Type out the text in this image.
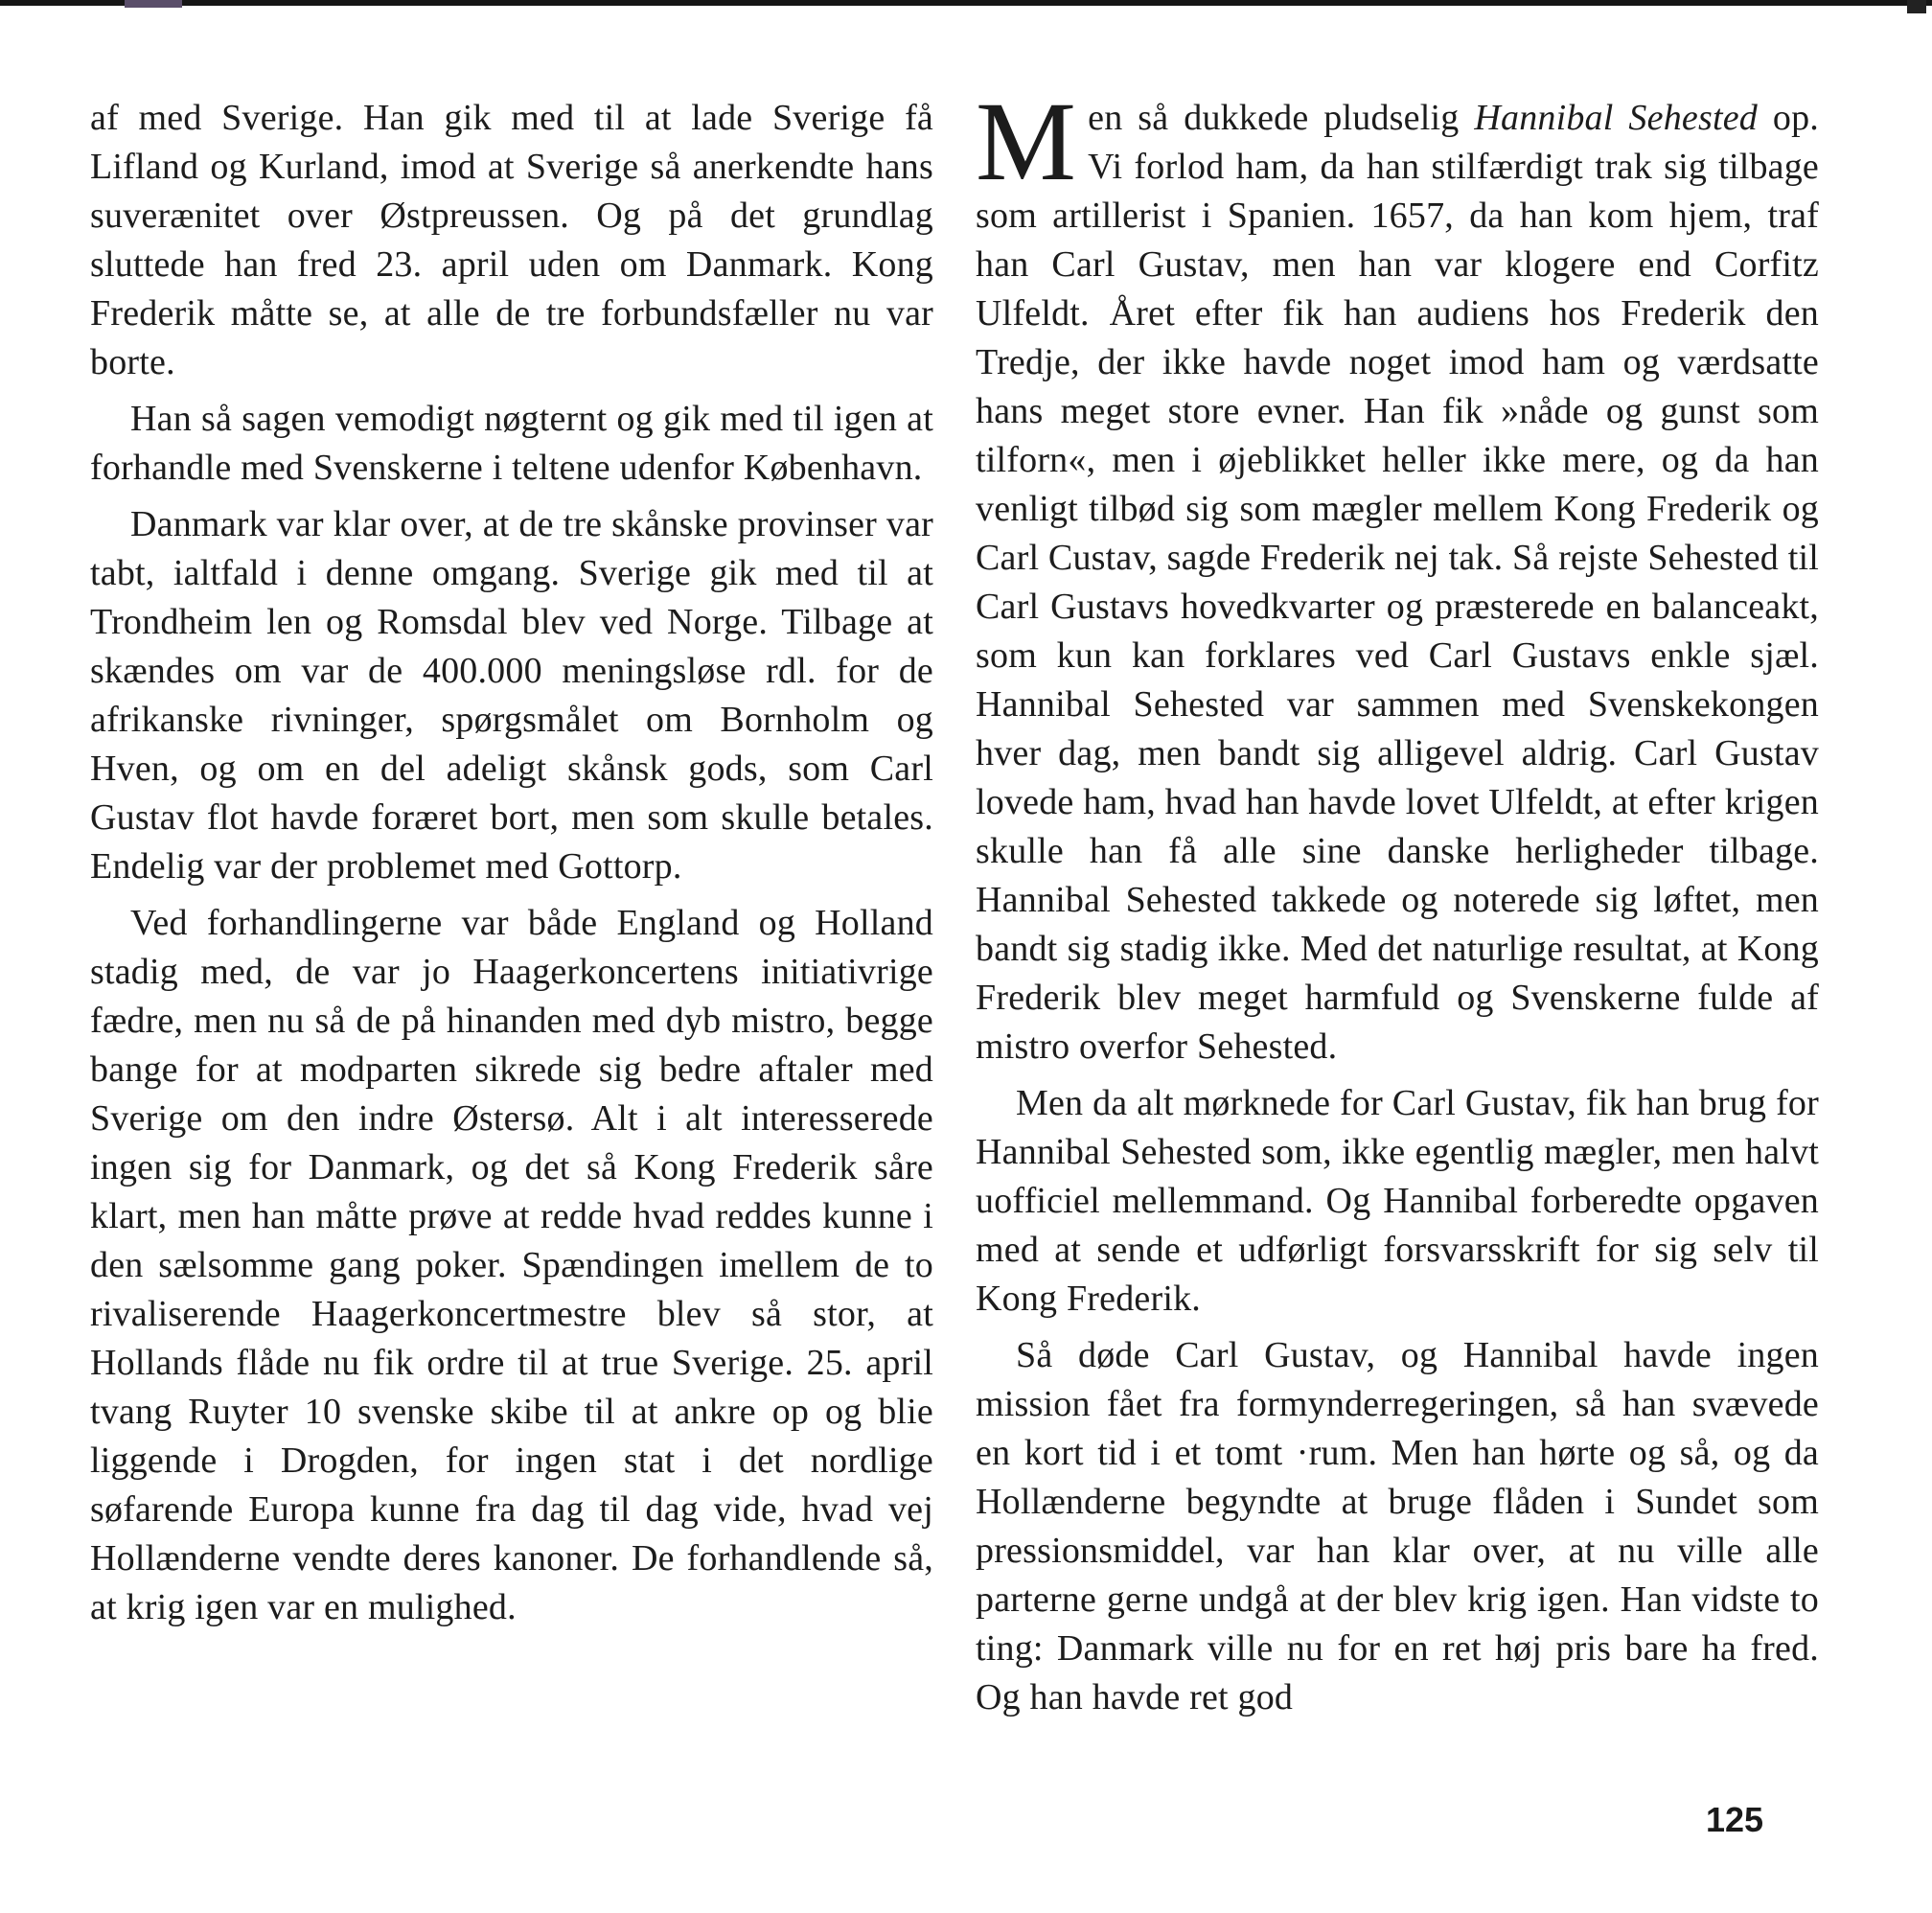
af med Sverige. Han gik med til at lade Sverige få Lifland og Kurland, imod at Sverige så anerkendte hans suverænitet over Østpreussen. Og på det grundlag sluttede han fred 23. april uden om Danmark. Kong Frederik måtte se, at alle de tre forbundsfæller nu var borte.

Han så sagen vemodigt nøgternt og gik med til igen at forhandle med Svenskerne i teltene udenfor København.

Danmark var klar over, at de tre skånske provinser var tabt, ialtfald i denne omgang. Sverige gik med til at Trondheim len og Romsdal blev ved Norge. Tilbage at skændes om var de 400.000 meningsløse rdl. for de afrikanske rivninger, spørgsmålet om Bornholm og Hven, og om en del adeligt skånsk gods, som Carl Gustav flot havde foræret bort, men som skulle betales. Endelig var der problemet med Gottorp.

Ved forhandlingerne var både England og Holland stadig med, de var jo Haagerkoncertens initiativrige fædre, men nu så de på hinanden med dyb mistro, begge bange for at modparten sikrede sig bedre aftaler med Sverige om den indre Østersø. Alt i alt interesserede ingen sig for Danmark, og det så Kong Frederik såre klart, men han måtte prøve at redde hvad reddes kunne i den sælsomme gang poker. Spændingen imellem de to rivaliserende Haagerkoncertmestre blev så stor, at Hollands flåde nu fik ordre til at true Sverige. 25. april tvang Ruyter 10 svenske skibe til at ankre op og blie liggende i Drogden, for ingen stat i det nordlige søfarende Europa kunne fra dag til dag vide, hvad vej Hollænderne vendte deres kanoner. De forhandlende så, at krig igen var en mulighed.

Men så dukkede pludselig Hannibal Sehested op. Vi forlod ham, da han stilfærdigt trak sig tilbage som artillerist i Spanien. 1657, da han kom hjem, traf han Carl Gustav, men han var klogere end Corfitz Ulfeldt. Året efter fik han audiens hos Frederik den Tredje, der ikke havde noget imod ham og værdsatte hans meget store evner. Han fik »nåde og gunst som tilforn«, men i øjeblikket heller ikke mere, og da han venligt tilbød sig som mægler mellem Kong Frederik og Carl Custav, sagde Frederik nej tak. Så rejste Sehested til Carl Gustavs hovedkvarter og præsterede en balanceakt, som kun kan forklares ved Carl Gustavs enkle sjæl. Hannibal Sehested var sammen med Svenskekongen hver dag, men bandt sig alligevel aldrig. Carl Gustav lovede ham, hvad han havde lovet Ulfeldt, at efter krigen skulle han få alle sine danske herligheder tilbage. Hannibal Sehested takkede og noterede sig løftet, men bandt sig stadig ikke. Med det naturlige resultat, at Kong Frederik blev meget harmfuld og Svenskerne fulde af mistro overfor Sehested.

Men da alt mørknede for Carl Gustav, fik han brug for Hannibal Sehested som, ikke egentlig mægler, men halvt uofficiel mellemmand. Og Hannibal forberedte opgaven med at sende et udførligt forsvarsskrift for sig selv til Kong Frederik.

Så døde Carl Gustav, og Hannibal havde ingen mission fået fra formynderregeringen, så han svævede en kort tid i et tomt ·rum. Men han hørte og så, og da Hollænderne begyndte at bruge flåden i Sundet som pressionsmiddel, var han klar over, at nu ville alle parterne gerne undgå at der blev krig igen. Han vidste to ting: Danmark ville nu for en ret høj pris bare ha fred. Og han havde ret god

125
